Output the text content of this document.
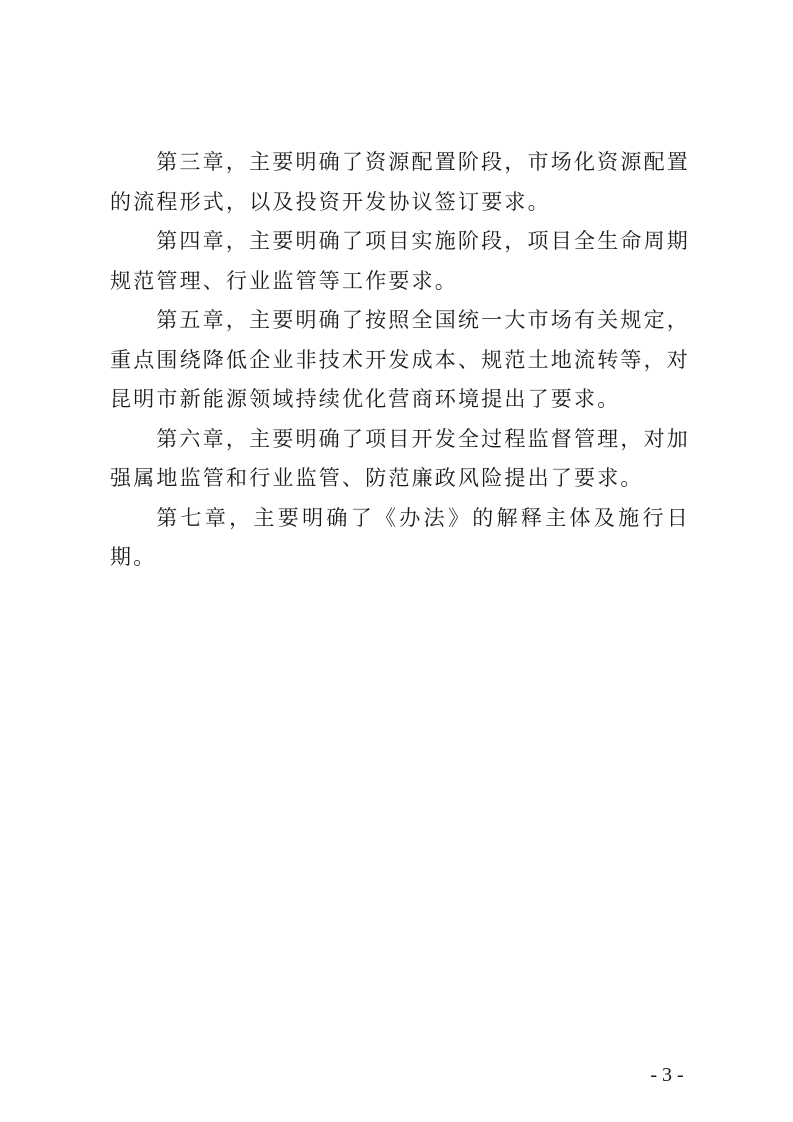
第三章，主要明确了资源配置阶段，市场化资源配置的流程形式，以及投资开发协议签订要求。

第四章，主要明确了项目实施阶段，项目全生命周期规范管理、行业监管等工作要求。

第五章，主要明确了按照全国统一大市场有关规定，重点围绕降低企业非技术开发成本、规范土地流转等，对昆明市新能源领域持续优化营商环境提出了要求。

第六章，主要明确了项目开发全过程监督管理，对加强属地监管和行业监管、防范廉政风险提出了要求。

第七章，主要明确了《办法》的解释主体及施行日期。

- 3 -
